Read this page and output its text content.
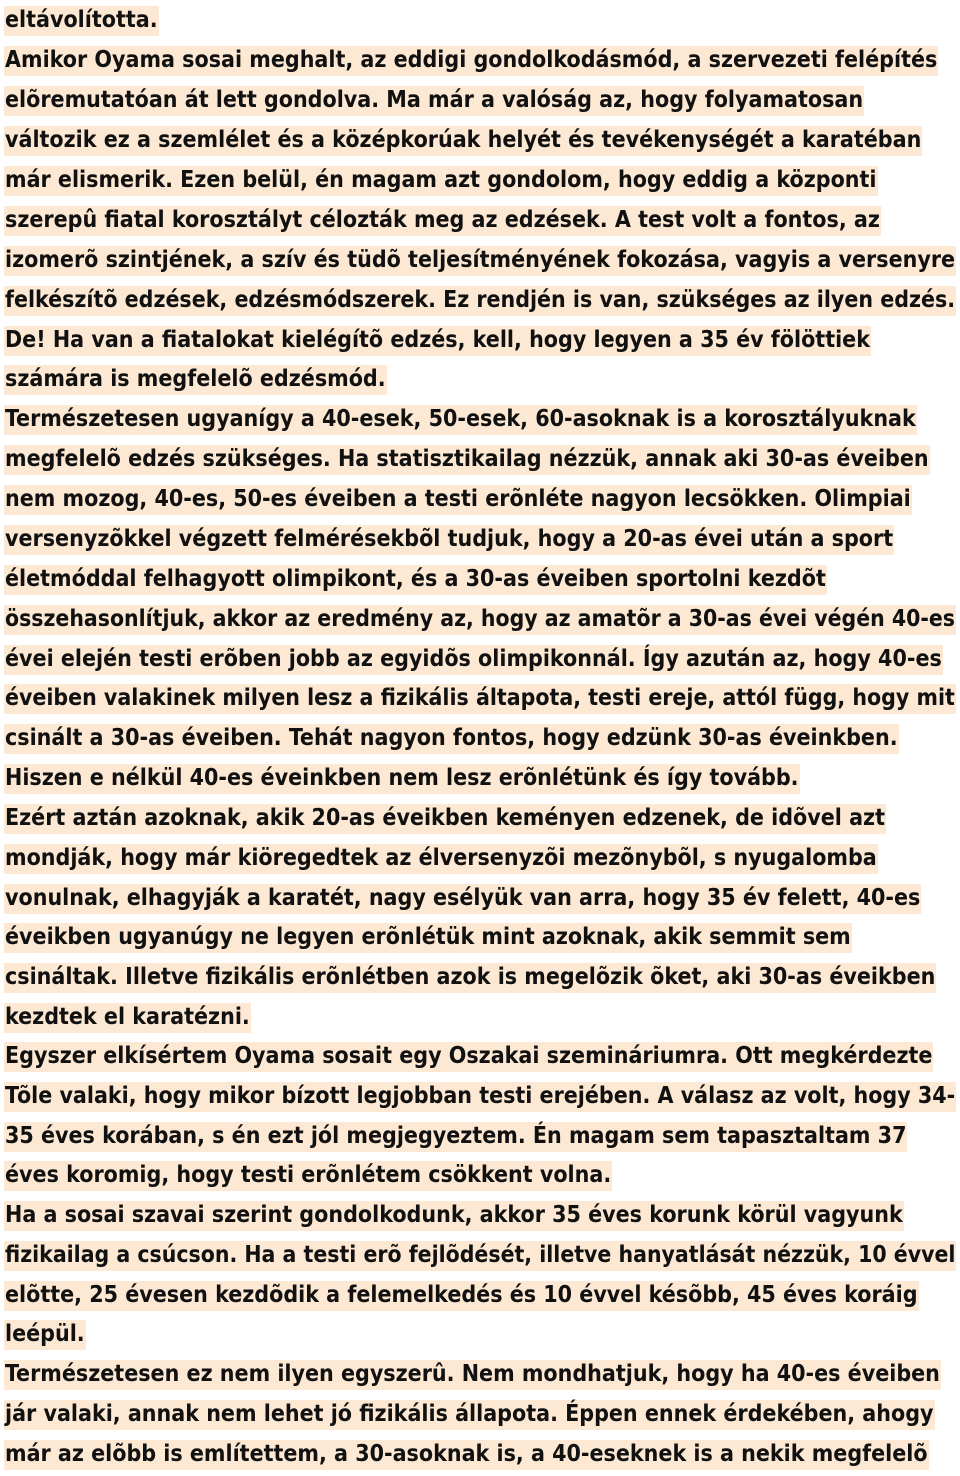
eltávolította.
Amikor Oyama sosai meghalt, az eddigi gondolkodásmód, a szervezeti felépítés
elõremutatóan át lett gondolva. Ma már a valóság az, hogy folyamatosan
változik ez a szemlélet és a középkorúak helyét és tevékenységét a karatéban
már elismerik. Ezen belül, én magam azt gondolom, hogy eddig a központi
szerepû fiatal korosztályt célozták meg az edzések. A test volt a fontos, az
izomerõ szintjének, a szív és tüdõ teljesítményének fokozása, vagyis a versenyre
felkészítõ edzések, edzésmódszerek. Ez rendjén is van, szükséges az ilyen edzés.
De! Ha van a fiatalokat kielégítõ edzés, kell, hogy legyen a 35 év fölöttiek
számára is megfelelõ edzésmód.
Természetesen ugyanígy a 40-esek, 50-esek, 60-asoknak is a korosztályuknak
megfelelõ edzés szükséges. Ha statisztikailag nézzük, annak aki 30-as éveiben
nem mozog, 40-es, 50-es éveiben a testi erõnléte nagyon lecsökken. Olimpiai
versenyzõkkel végzett felmérésekbõl tudjuk, hogy a 20-as évei után a sport
életmóddal felhagyott olimpikont, és a 30-as éveiben sportolni kezdõt
összehasonlítjuk, akkor az eredmény az, hogy az amatõr a 30-as évei végén 40-es
évei elején testi erõben jobb az egyidõs olimpikonnál. Így azután az, hogy 40-es
éveiben valakinek milyen lesz a fizikális áltapota, testi ereje, attól függ, hogy mit
csinált a 30-as éveiben. Tehát nagyon fontos, hogy edzünk 30-as éveinkben.
Hiszen e nélkül 40-es éveinkben nem lesz erõnlétünk és így tovább.
Ezért aztán azoknak, akik 20-as éveikben keményen edzenek, de idõvel azt
mondják, hogy már kiöregedtek az élversenyzõi mezõnybõl, s nyugalomba
vonulnak, elhagyják a karatét, nagy esélyük van arra, hogy 35 év felett, 40-es
éveikben ugyanúgy ne legyen erõnlétük mint azoknak, akik semmit sem
csináltak. Illetve fizikális erõnlétben azok is megelõzik õket, aki 30-as éveikben
kezdtek el karatézni.
Egyszer elkísértem Oyama sosait egy Oszakai szemináriumra. Ott megkérdezte
Tõle valaki, hogy mikor bízott legjobban testi erejében. A válasz az volt, hogy 34-
35 éves korában, s én ezt jól megjegyeztem. Én magam sem tapasztaltam 37
éves koromig, hogy testi erõnlétem csökkent volna.
Ha a sosai szavai szerint gondolkodunk, akkor 35 éves korunk körül vagyunk
fizikailag a csúcson. Ha a testi erõ fejlõdését, illetve hanyatlását nézzük, 10 évvel
elõtte, 25 évesen kezdõdik a felemelkedés és 10 évvel késõbb, 45 éves koráig
leépül.
Természetesen ez nem ilyen egyszerû. Nem mondhatjuk, hogy ha 40-es éveiben
jár valaki, annak nem lehet jó fizikális állapota. Éppen ennek érdekében, ahogy
már az elõbb is említettem, a 30-asoknak is, a 40-eseknek is a nekik megfelelõ
